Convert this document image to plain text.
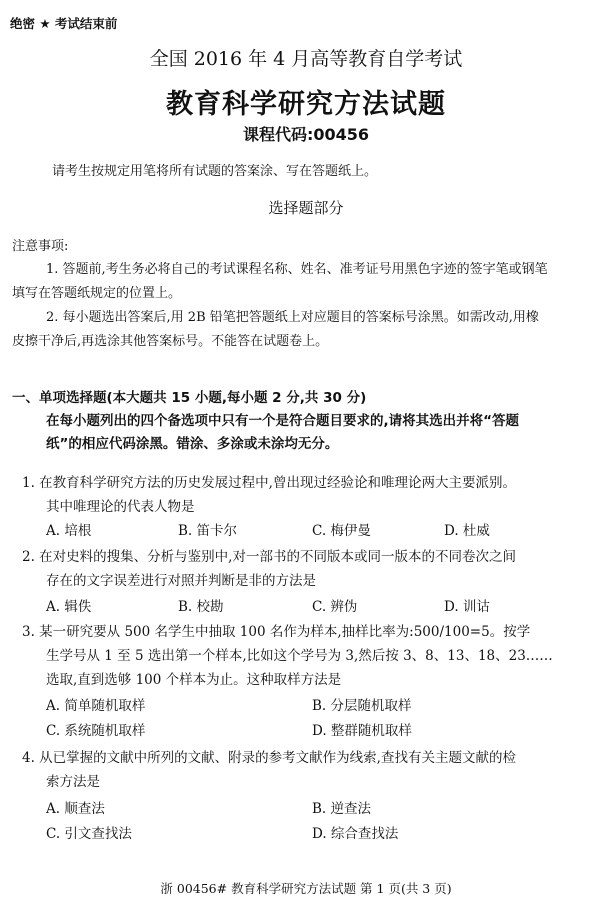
绝密 ★ 考试结束前
全国 2016 年 4 月高等教育自学考试
教育科学研究方法试题
课程代码:00456
请考生按规定用笔将所有试题的答案涂、写在答题纸上。
选择题部分
注意事项:
1. 答题前,考生务必将自己的考试课程名称、姓名、准考证号用黑色字迹的签字笔或钢笔
填写在答题纸规定的位置上。
2. 每小题选出答案后,用 2B 铅笔把答题纸上对应题目的答案标号涂黑。如需改动,用橡
皮擦干净后,再选涂其他答案标号。不能答在试题卷上。
一、单项选择题(本大题共 15 小题,每小题 2 分,共 30 分)
在每小题列出的四个备选项中只有一个是符合题目要求的,请将其选出并将“答题
纸”的相应代码涂黑。错涂、多涂或未涂均无分。
1. 在教育科学研究方法的历史发展过程中,曾出现过经验论和唯理论两大主要派别。
其中唯理论的代表人物是
A. 培根	B. 笛卡尔	C. 梅伊曼	D. 杜威
2. 在对史料的搜集、分析与鉴别中,对一部书的不同版本或同一版本的不同卷次之间
存在的文字误差进行对照并判断是非的方法是
A. 辑佚	B. 校勘	C. 辨伪	D. 训诂
3. 某一研究要从 500 名学生中抽取 100 名作为样本,抽样比率为:500/100=5。按学
生学号从 1 至 5 选出第一个样本,比如这个学号为 3,然后按 3、8、13、18、23……
选取,直到选够 100 个样本为止。这种取样方法是
A. 简单随机取样	B. 分层随机取样
C. 系统随机取样	D. 整群随机取样
4. 从已掌握的文献中所列的文献、附录的参考文献作为线索,查找有关主题文献的检
索方法是
A. 顺查法	B. 逆查法
C. 引文查找法	D. 综合查找法
浙 00456# 教育科学研究方法试题 第 1 页(共 3 页)
